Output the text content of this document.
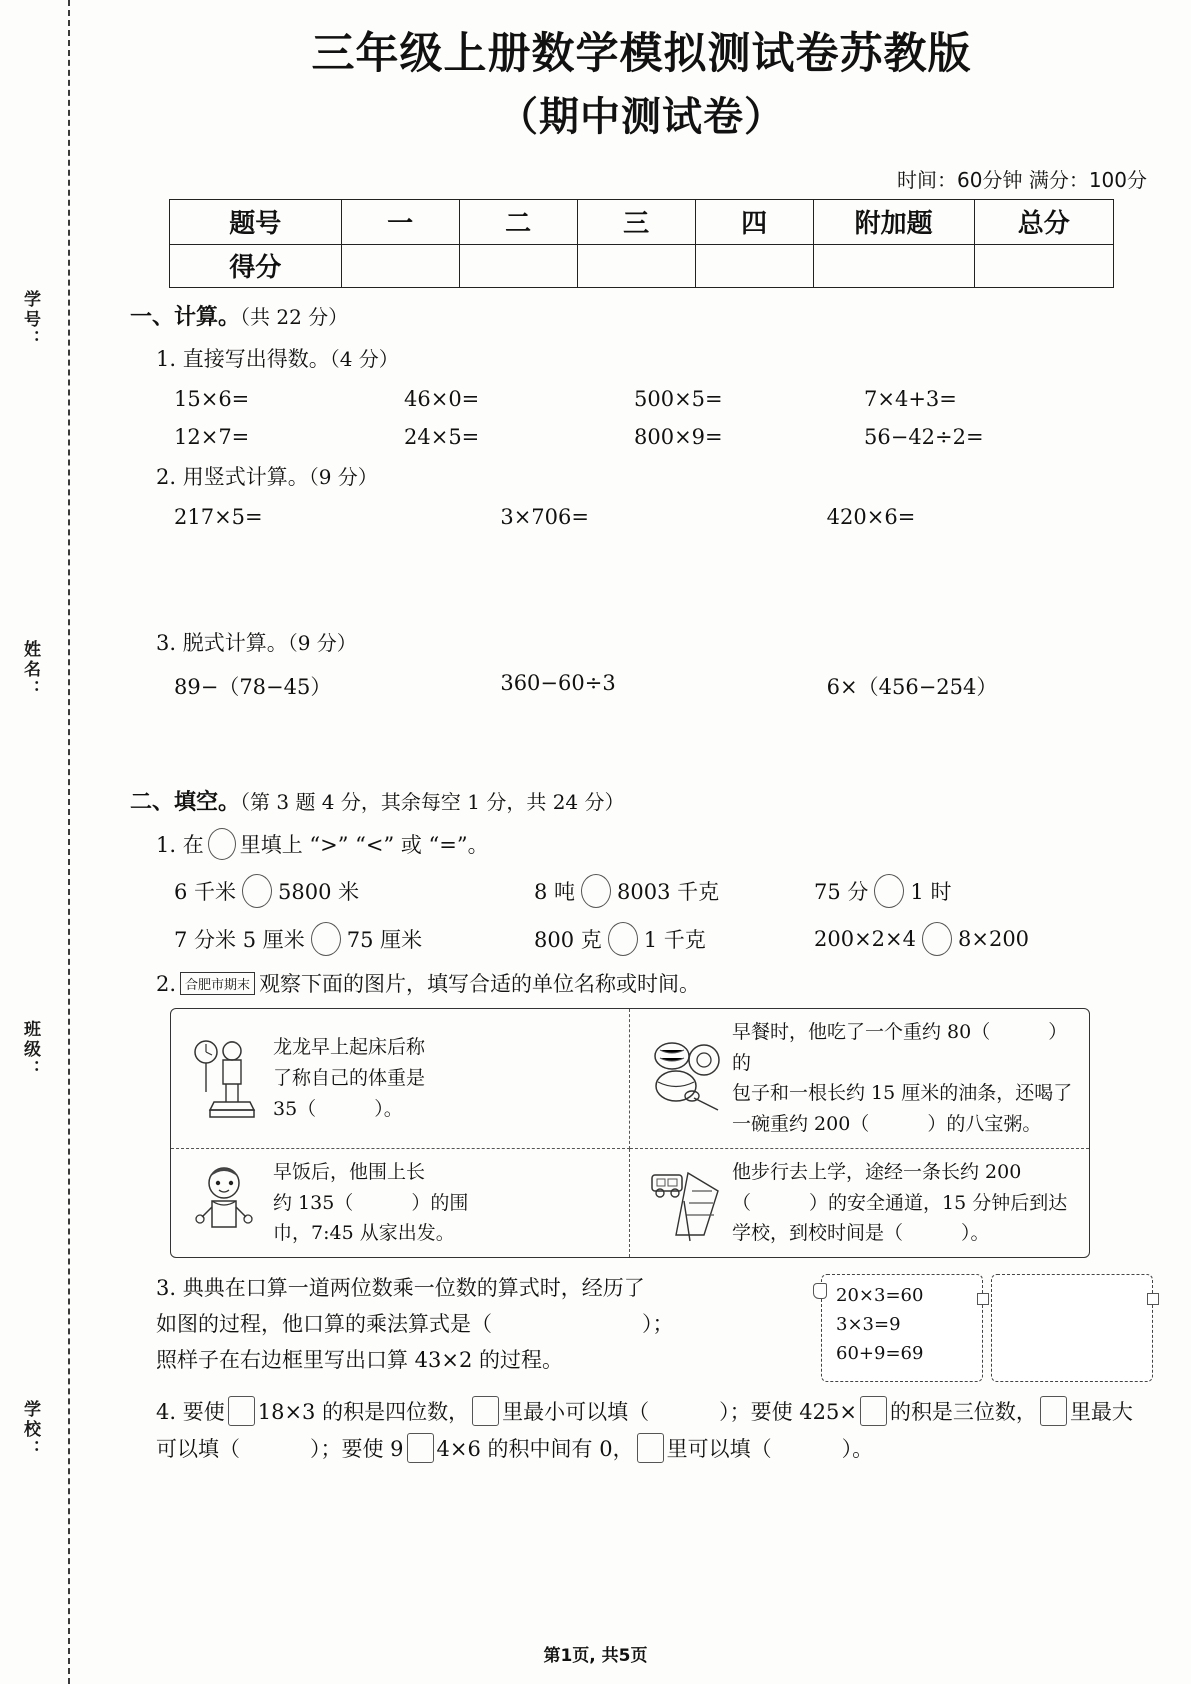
学号：
姓名：
班级：
学校：
三年级上册数学模拟测试卷苏教版
（期中测试卷）
时间：60分钟 满分：100分
题号	一	二	三	四	附加题	总分
得分						
一、计算。（共 22 分）
1. 直接写出得数。（4 分）
15×6=	46×0=	500×5=	7×4+3=
12×7=	24×5=	800×9=	56−42÷2=
2. 用竖式计算。（9 分）
217×5=	3×706=	420×6=
3. 脱式计算。（9 分）
89−（78−45）	360−60÷3	6×（456−254）
二、填空。（第 3 题 4 分，其余每空 1 分，共 24 分）
1. 在 里填上 “>” “<” 或 “=”。
6 千米 5800 米	8 吨 8003 千克	75 分 1 时
7 分米 5 厘米 75 厘米	800 克 1 千克	200×2×4 8×200
2. 合肥市期末 观察下面的图片，填写合适的单位名称或时间。
龙龙早上起床后称
了称自己的体重是
35（	）。
早餐时，他吃了一个重约 80（	）的
包子和一根长约 15 厘米的油条，还喝了
一碗重约 200（	）的八宝粥。
早饭后，他围上长
约 135（	）的围
巾，7:45 从家出发。
他步行去上学，途经一条长约 200
（	）的安全通道，15 分钟后到达
学校，到校时间是（	）。
3. 典典在口算一道两位数乘一位数的算式时，经历了
如图的过程，他口算的乘法算式是（	）；
照样子在右边框里写出口算 43×2 的过程。
20×3=60
3×3=9
60+9=69
4. 要使 18×3 的积是四位数， 里最小可以填（	）；要使 425× 的积是三位数， 里最大可以填（	）；要使 9 4×6 的积中间有 0， 里可以填（	）。
第1页, 共5页
